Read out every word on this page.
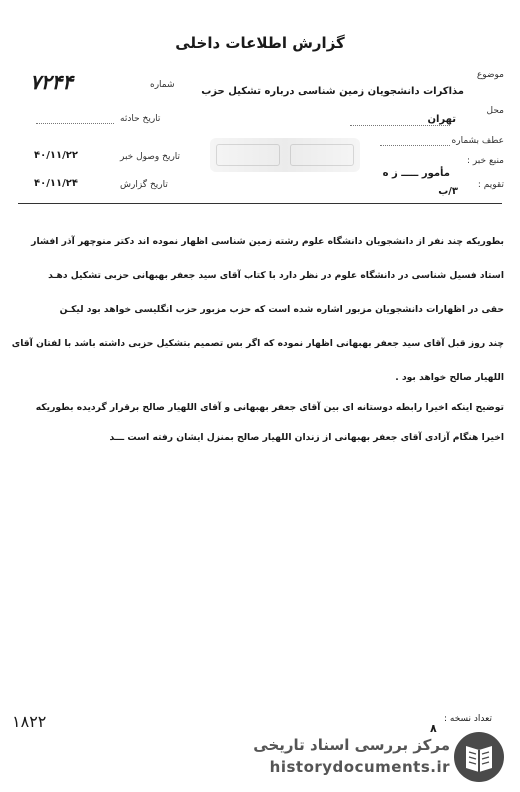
گزارش اطلاعات داخلی
شماره
۷۲۴۴
تاریخ حادثه
تاریخ وصول خبر
۴۰/۱۱/۲۲
تاریخ گزارش
۴۰/۱۱/۲۴
موضوع
مذاکرات دانشجویان زمین شناسی درباره تشکیل حزب
محل
تهران
عطف بشماره
منبع خبر :
مأمور ـــــ ز ه
تقویم :
۳/ب
بطوریکه چند نفر از دانشجویان دانشگاه علوم رشته زمین شناسی اظهار نموده اند دکتر منوچهر آذر افشار
استاد فسیل شناسی در دانشگاه علوم در نظر دارد با کتاب آقای سید جعفر بهبهانی حزبی تشکیل دهـد
حقی در اظهارات دانشجویان مزبور اشاره شده است که حزب مزبور حزب انگلیسی خواهد بود لیکـن
چند روز قبل آقای سید جعفر بهبهانی اظهار نموده که اگر بس تصمیم بتشکیل حزبی داشته باشد با لفتان آقای
اللهیار صالح خواهد بود .
توضیح اینکه اخیرا رابطه دوستانه ای بین آقای جعفر بهبهانی و آقای اللهیار صالح برقرار گردیده بطوریکه
اخیرا هنگام آزادی آقای جعفر بهبهانی از زندان اللهیار صالح بمنزل ایشان رفته است ـــد
۱۸۲۲	تعداد نسخه :
۸
مرکز بررسی اسناد تاریخی
historydocuments.ir
